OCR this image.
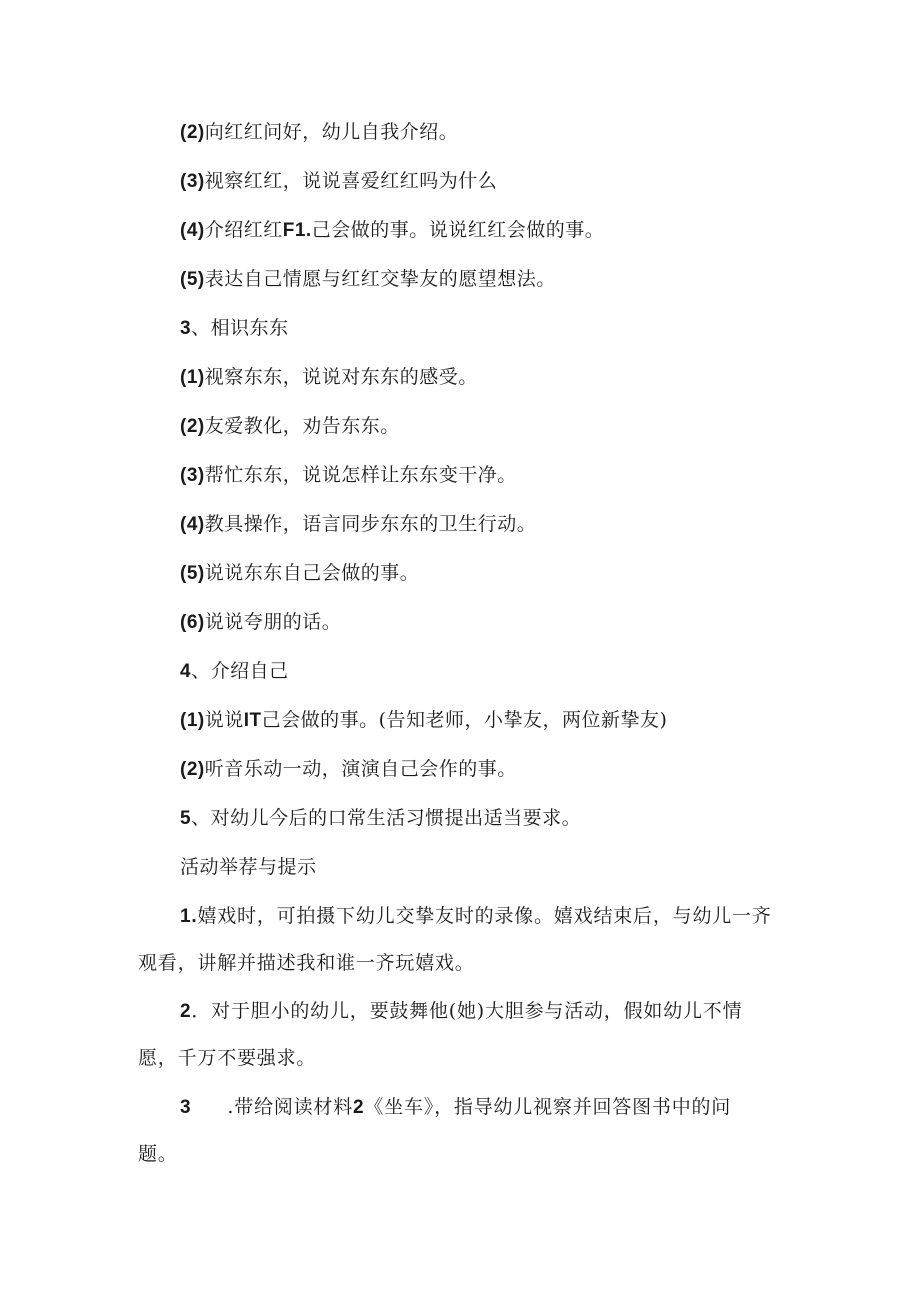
(2)向红红问好，幼儿自我介绍。
(3)视察红红，说说喜爱红红吗为什么
(4)介绍红红F1.己会做的事。说说红红会做的事。
(5)表达自己情愿与红红交挚友的愿望想法。
3、相识东东
(1)视察东东，说说对东东的感受。
(2)友爱教化，劝告东东。
(3)帮忙东东，说说怎样让东东变干净。
(4)教具操作，语言同步东东的卫生行动。
(5)说说东东自己会做的事。
(6)说说夸朋的话。
4、介绍自己
(1)说说IT己会做的事。(告知老师，小挚友，两位新挚友)
(2)听音乐动一动，演演自己会作的事。
5、对幼儿今后的口常生活习惯提出适当要求。
活动举荐与提示
1.嬉戏时，可拍摄下幼儿交挚友时的录像。嬉戏结束后，与幼儿一齐
观看，讲解并描述我和谁一齐玩嬉戏。
2．对于胆小的幼儿，要鼓舞他(她)大胆参与活动，假如幼儿不情
愿，千万不要强求。
3 .带给阅读材料2《坐车》，指导幼儿视察并回答图书中的问
题。
